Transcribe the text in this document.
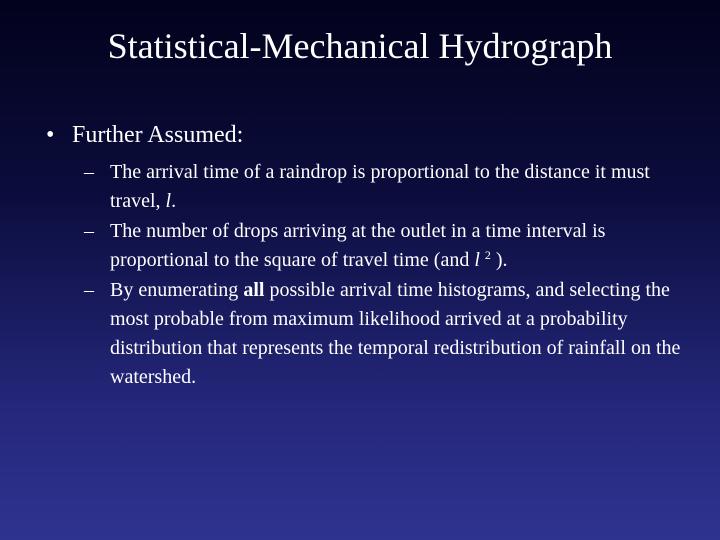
Statistical-Mechanical Hydrograph
• Further Assumed:
– The arrival time of a raindrop is proportional to the distance it must travel, l.
– The number of drops arriving at the outlet in a time interval is proportional to the square of travel time (and l $^2$ ).
– By enumerating all possible arrival time histograms, and selecting the most probable from maximum likelihood arrived at a probability distribution that represents the temporal redistribution of rainfall on the watershed.
